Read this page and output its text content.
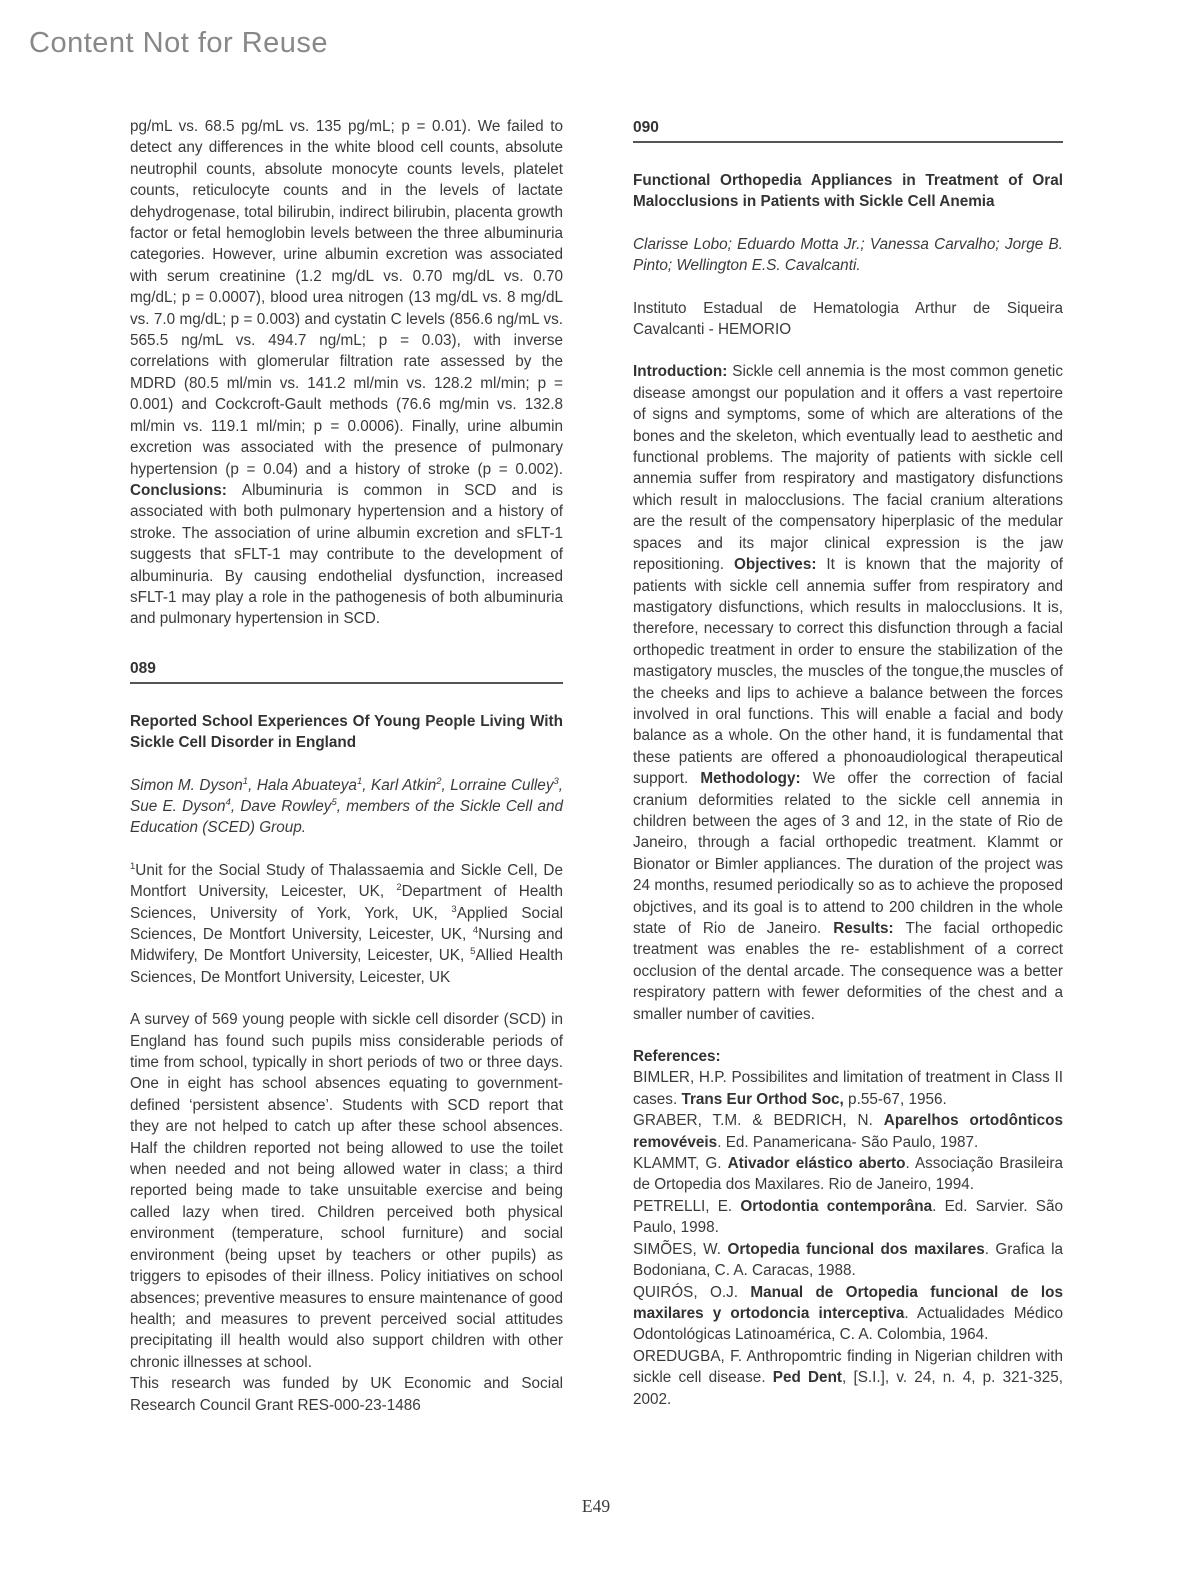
Content Not for Reuse

pg/mL vs. 68.5 pg/mL vs. 135 pg/mL; p = 0.01). We failed to detect any differences in the white blood cell counts, absolute neutrophil counts, absolute monocyte counts levels, platelet counts, reticulocyte counts and in the levels of lactate dehydrogenase, total bilirubin, indirect bilirubin, placenta growth factor or fetal hemoglobin levels between the three albuminuria categories. However, urine albumin excretion was associated with serum creatinine (1.2 mg/dL vs. 0.70 mg/dL vs. 0.70 mg/dL; p = 0.0007), blood urea nitrogen (13 mg/dL vs. 8 mg/dL vs. 7.0 mg/dL; p = 0.003) and cystatin C levels (856.6 ng/mL vs. 565.5 ng/mL vs. 494.7 ng/mL; p = 0.03), with inverse correlations with glomerular filtration rate assessed by the MDRD (80.5 ml/min vs. 141.2 ml/min vs. 128.2 ml/min; p = 0.001) and Cockcroft-Gault methods (76.6 mg/min vs. 132.8 ml/min vs. 119.1 ml/min; p = 0.0006). Finally, urine albumin excretion was associated with the presence of pulmonary hypertension (p = 0.04) and a history of stroke (p = 0.002). Conclusions: Albuminuria is common in SCD and is associated with both pulmonary hypertension and a history of stroke. The association of urine albumin excretion and sFLT-1 suggests that sFLT-1 may contribute to the development of albuminuria. By causing endothelial dysfunction, increased sFLT-1 may play a role in the pathogenesis of both albuminuria and pulmonary hypertension in SCD.

089

Reported School Experiences Of Young People Living With Sickle Cell Disorder in England

Simon M. Dyson$^1$, Hala Abuateya$^1$, Karl Atkin$^2$, Lorraine Culley$^3$, Sue E. Dyson$^4$, Dave Rowley$^5$, members of the Sickle Cell and Education (SCED) Group.

$^1$Unit for the Social Study of Thalassaemia and Sickle Cell, De Montfort University, Leicester, UK, $^2$Department of Health Sciences, University of York, York, UK, $^3$Applied Social Sciences, De Montfort University, Leicester, UK, $^4$Nursing and Midwifery, De Montfort University, Leicester, UK, $^5$Allied Health Sciences, De Montfort University, Leicester, UK

A survey of 569 young people with sickle cell disorder (SCD) in England has found such pupils miss considerable periods of time from school, typically in short periods of two or three days. One in eight has school absences equating to government-defined ‘persistent absence’. Students with SCD report that they are not helped to catch up after these school absences. Half the children reported not being allowed to use the toilet when needed and not being allowed water in class; a third reported being made to take unsuitable exercise and being called lazy when tired. Children perceived both physical environment (temperature, school furniture) and social environment (being upset by teachers or other pupils) as triggers to episodes of their illness. Policy initiatives on school absences; preventive measures to ensure maintenance of good health; and measures to prevent perceived social attitudes precipitating ill health would also support children with other chronic illnesses at school.

This research was funded by UK Economic and Social Research Council Grant RES-000-23-1486

090

Functional Orthopedia Appliances in Treatment of Oral Malocclusions in Patients with Sickle Cell Anemia

Clarisse Lobo; Eduardo Motta Jr.; Vanessa Carvalho; Jorge B. Pinto; Wellington E.S. Cavalcanti.

Instituto Estadual de Hematologia Arthur de Siqueira Cavalcanti - HEMORIO

Introduction: Sickle cell annemia is the most common genetic disease amongst our population and it offers a vast repertoire of signs and symptoms, some of which are alterations of the bones and the skeleton, which eventually lead to aesthetic and functional problems. The majority of patients with sickle cell annemia suffer from respiratory and mastigatory disfunctions which result in malocclusions. The facial cranium alterations are the result of the compensatory hiperplasic of the medular spaces and its major clinical expression is the jaw repositioning. Objectives: It is known that the majority of patients with sickle cell annemia suffer from respiratory and mastigatory disfunctions, which results in malocclusions. It is, therefore, necessary to correct this disfunction through a facial orthopedic treatment in order to ensure the stabilization of the mastigatory muscles, the muscles of the tongue,the muscles of the cheeks and lips to achieve a balance between the forces involved in oral functions. This will enable a facial and body balance as a whole. On the other hand, it is fundamental that these patients are offered a phonoaudiological therapeutical support. Methodology: We offer the correction of facial cranium deformities related to the sickle cell annemia in children between the ages of 3 and 12, in the state of Rio de Janeiro, through a facial orthopedic treatment. Klammt or Bionator or Bimler appliances. The duration of the project was 24 months, resumed periodically so as to achieve the proposed objctives, and its goal is to attend to 200 children in the whole state of Rio de Janeiro. Results: The facial orthopedic treatment was enables the re- establishment of a correct occlusion of the dental arcade. The consequence was a better respiratory pattern with fewer deformities of the chest and a smaller number of cavities.

References:

BIMLER, H.P. Possibilites and limitation of treatment in Class II cases. Trans Eur Orthod Soc, p.55-67, 1956.

GRABER, T.M. & BEDRICH, N. Aparelhos ortodônticos removéveis. Ed. Panamericana- São Paulo, 1987.

KLAMMT, G. Ativador elástico aberto. Associação Brasileira de Ortopedia dos Maxilares. Rio de Janeiro, 1994.

PETRELLI, E. Ortodontia contemporâna. Ed. Sarvier. São Paulo, 1998.

SIMÕES, W. Ortopedia funcional dos maxilares. Grafica la Bodoniana, C. A. Caracas, 1988.

QUIRÓS, O.J. Manual de Ortopedia funcional de los maxilares y ortodoncia interceptiva. Actualidades Médico Odontológicas Latinoamérica, C. A. Colombia, 1964.

OREDUGBA, F. Anthropomtric finding in Nigerian children with sickle cell disease. Ped Dent, [S.I.], v. 24, n. 4, p. 321-325, 2002.

E49
